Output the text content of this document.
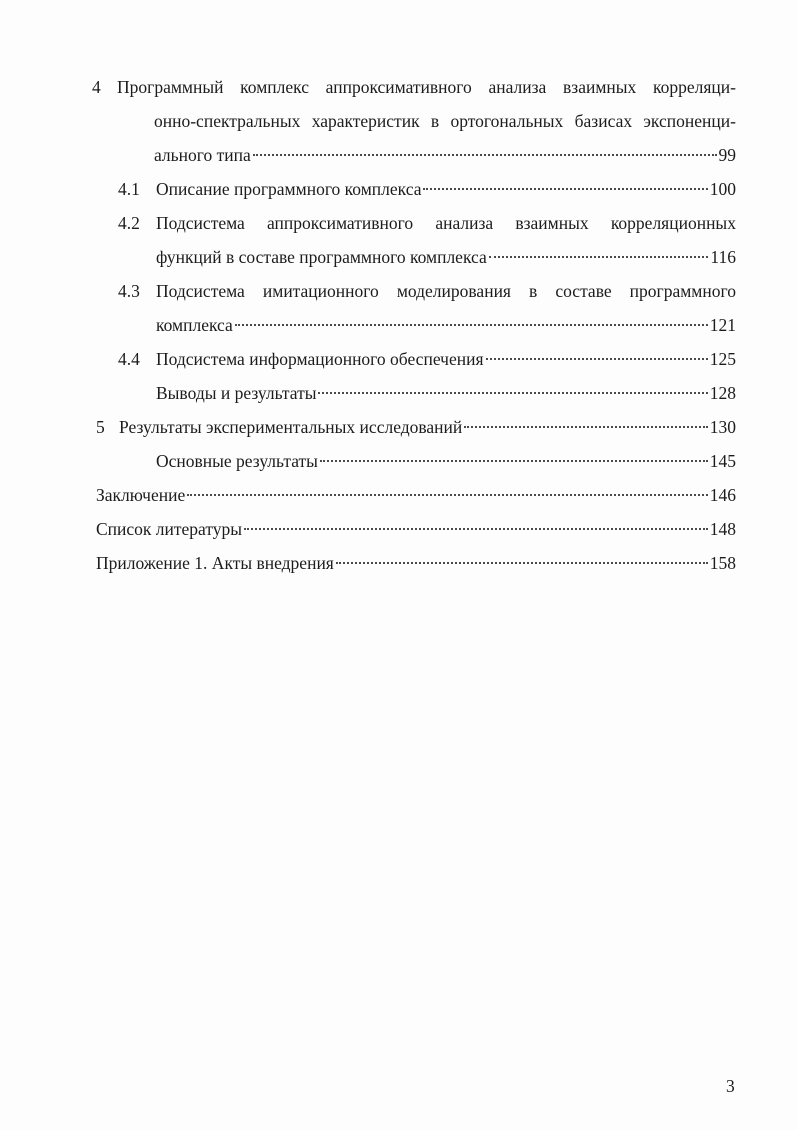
4 Программный комплекс аппроксимативного анализа взаимных корреляци-
онно-спектральных характеристик в ортогональных базисах экспоненци-
ального типа	99
4.1 Описание программного комплекса	100
4.2 Подсистема аппроксимативного анализа взаимных корреляционных
функций в составе программного комплекса	116
4.3 Подсистема имитационного моделирования в составе программного
комплекса	121
4.4 Подсистема информационного обеспечения	125
Выводы и результаты	128
5 Результаты экспериментальных исследований	130
Основные результаты	145
Заключение	146
Список литературы	148
Приложение 1. Акты внедрения	158
3
